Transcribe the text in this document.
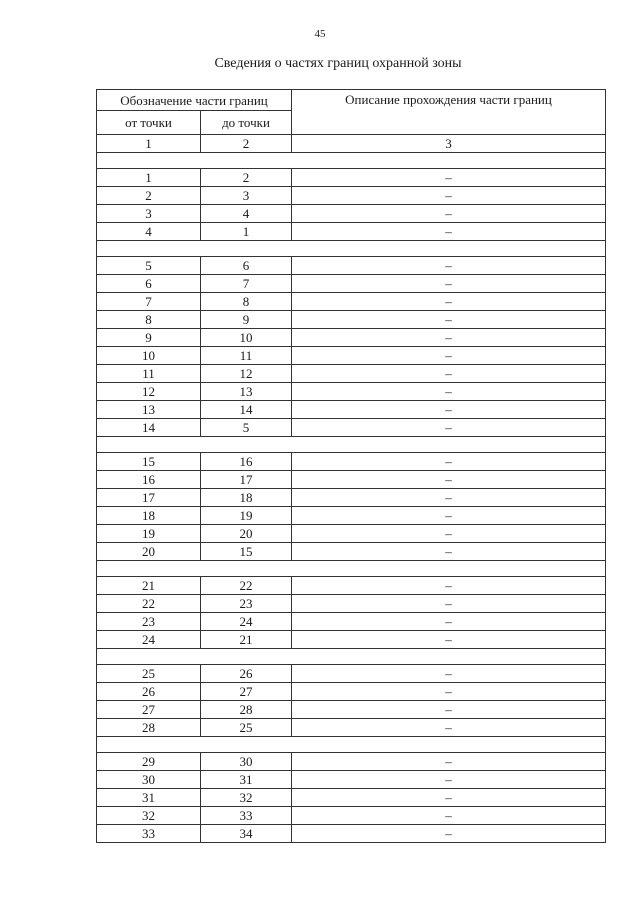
45
Сведения о частях границ охранной зоны
Обозначение части границ		Описание прохождения части границ
от точки	до точки	
1	2	3

1	2	–
2	3	–
3	4	–
4	1	–

5	6	–
6	7	–
7	8	–
8	9	–
9	10	–
10	11	–
11	12	–
12	13	–
13	14	–
14	5	–

15	16	–
16	17	–
17	18	–
18	19	–
19	20	–
20	15	–

21	22	–
22	23	–
23	24	–
24	21	–

25	26	–
26	27	–
27	28	–
28	25	–

29	30	–
30	31	–
31	32	–
32	33	–
33	34	–
